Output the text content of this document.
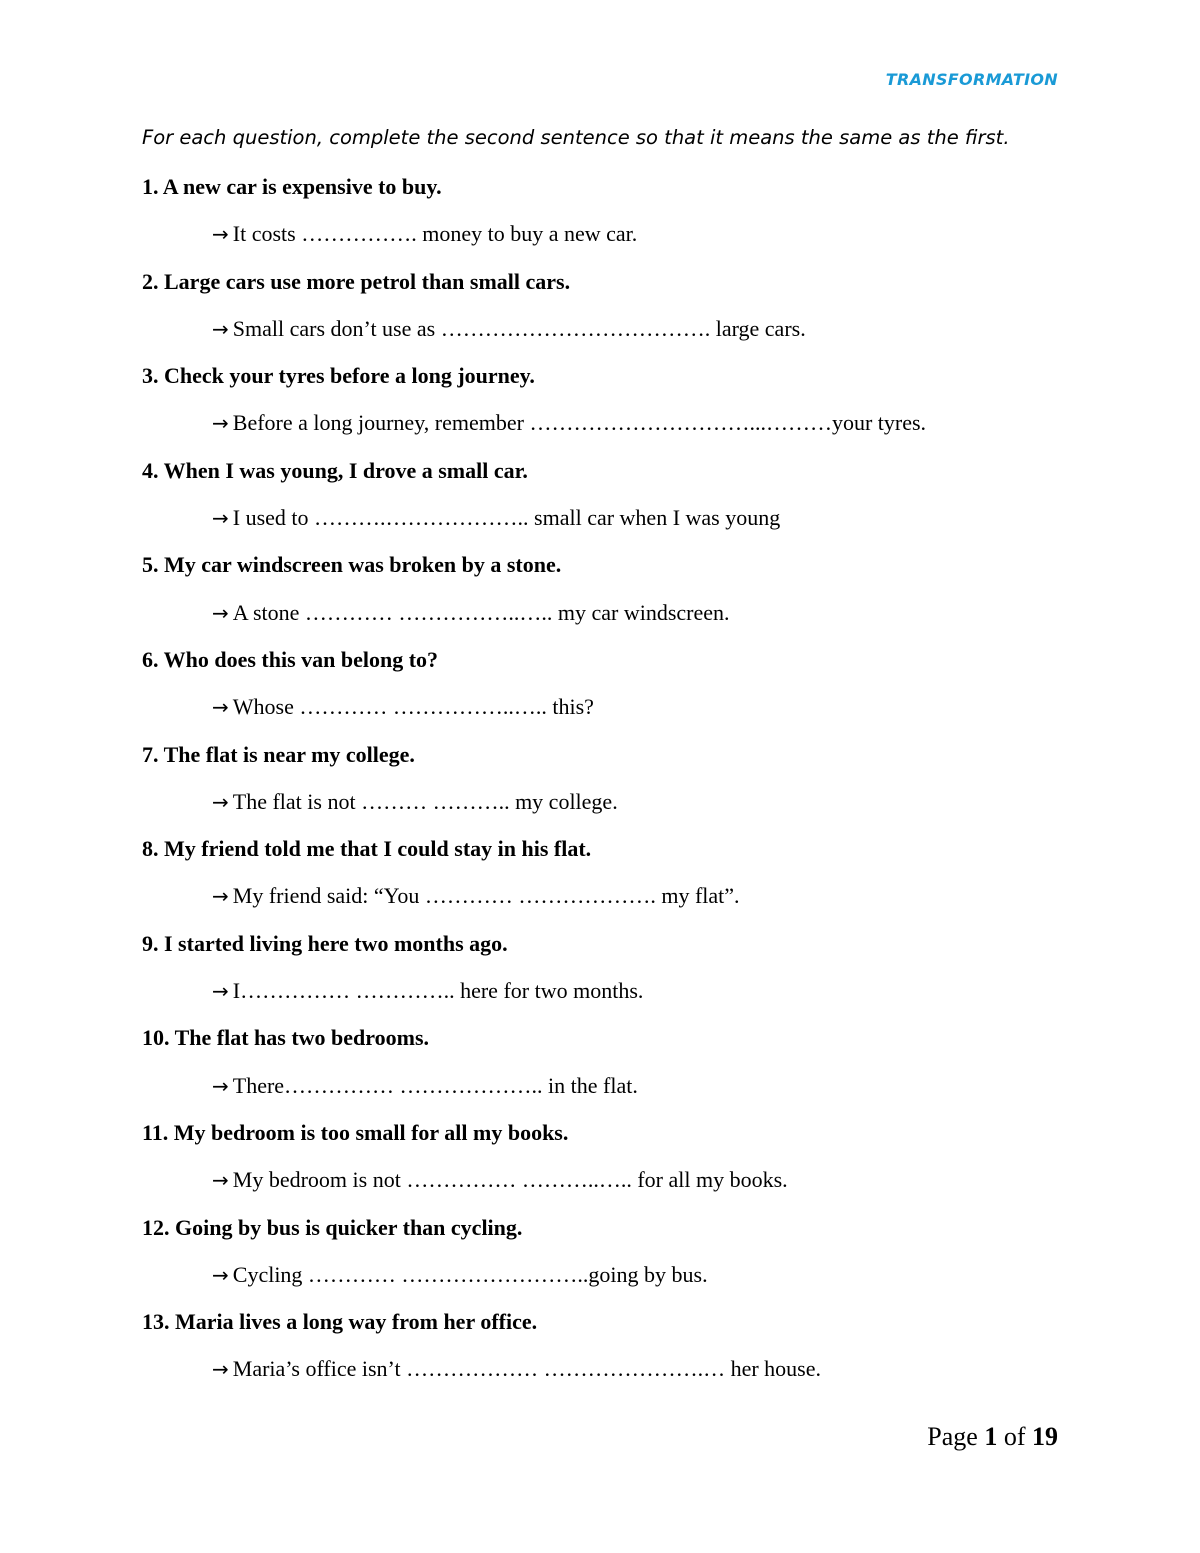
TRANSFORMATION
For each question, complete the second sentence so that it means the same as the first.
1. A new car is expensive to buy.
→ It costs ……………. money to buy a new car.
2. Large cars use more petrol than small cars.
→ Small cars don’t use as ………………………………. large cars.
3. Check your tyres before a long journey.
→ Before a long journey, remember …………………………...………your tyres.
4. When I was young, I drove a small car.
→ I used to ……….……………….. small car when I was young
5. My car windscreen was broken by a stone.
→ A stone ………… ……………..….. my car windscreen.
6. Who does this van belong to?
→ Whose ………… ……………..….. this?
7. The flat is near my college.
→ The flat is not ……… ……….. my college.
8. My friend told me that I could stay in his flat.
→ My friend said: “You ………… ………………. my flat”.
9. I started living here two months ago.
→ I…………… ………….. here for two months.
10. The flat has two bedrooms.
→ There…………… ……………….. in the flat.
11. My bedroom is too small for all my books.
→ My bedroom is not …………… ………..….. for all my books.
12. Going by bus is quicker than cycling.
→ Cycling ………… ……………………..going by bus.
13. Maria lives a long way from her office.
→ Maria’s office isn’t ……………… ………………….… her house.
Page 1 of 19
